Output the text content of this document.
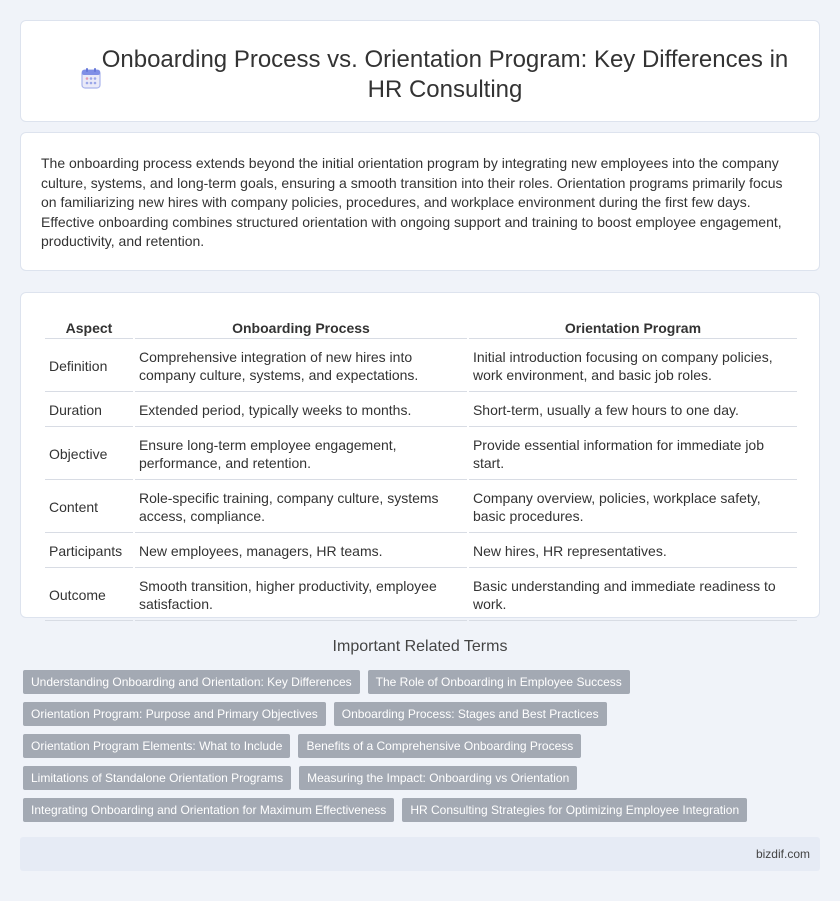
Onboarding Process vs. Orientation Program: Key Differences in HR Consulting

The onboarding process extends beyond the initial orientation program by integrating new employees into the company culture, systems, and long-term goals, ensuring a smooth transition into their roles. Orientation programs primarily focus on familiarizing new hires with company policies, procedures, and workplace environment during the first few days. Effective onboarding combines structured orientation with ongoing support and training to boost employee engagement, productivity, and retention.

Aspect	Onboarding Process	Orientation Program
Definition	Comprehensive integration of new hires into company culture, systems, and expectations.	Initial introduction focusing on company policies, work environment, and basic job roles.
Duration	Extended period, typically weeks to months.	Short-term, usually a few hours to one day.
Objective	Ensure long-term employee engagement, performance, and retention.	Provide essential information for immediate job start.
Content	Role-specific training, company culture, systems access, compliance.	Company overview, policies, workplace safety, basic procedures.
Participants	New employees, managers, HR teams.	New hires, HR representatives.
Outcome	Smooth transition, higher productivity, employee satisfaction.	Basic understanding and immediate readiness to work.
Important Related Terms
Understanding Onboarding and Orientation: Key Differences	The Role of Onboarding in Employee Success
Orientation Program: Purpose and Primary Objectives	Onboarding Process: Stages and Best Practices
Orientation Program Elements: What to Include	Benefits of a Comprehensive Onboarding Process
Limitations of Standalone Orientation Programs	Measuring the Impact: Onboarding vs Orientation
Integrating Onboarding and Orientation for Maximum Effectiveness	HR Consulting Strategies for Optimizing Employee Integration
bizdif.com
